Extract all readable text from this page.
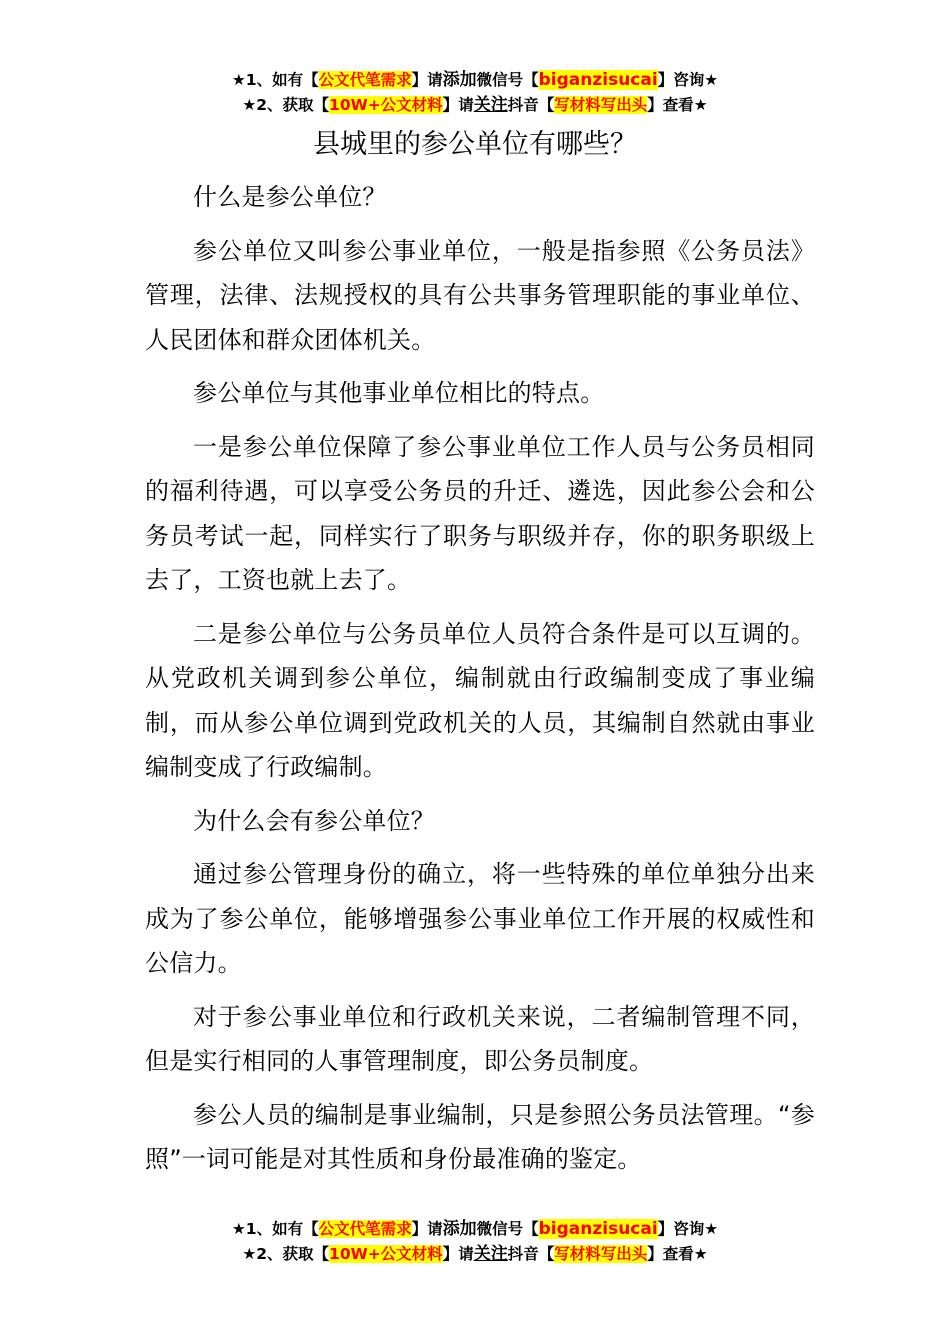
★1、如有【公文代笔需求】请添加微信号【biganzisucai】咨询★
★2、获取【10W+公文材料】请关注抖音【写材料写出头】查看★
县城里的参公单位有哪些？

什么是参公单位？

参公单位又叫参公事业单位，一般是指参照《公务员法》管理，法律、法规授权的具有公共事务管理职能的事业单位、人民团体和群众团体机关。

参公单位与其他事业单位相比的特点。

一是参公单位保障了参公事业单位工作人员与公务员相同的福利待遇，可以享受公务员的升迁、遴选，因此参公会和公务员考试一起，同样实行了职务与职级并存，你的职务职级上去了，工资也就上去了。

二是参公单位与公务员单位人员符合条件是可以互调的。从党政机关调到参公单位，编制就由行政编制变成了事业编制，而从参公单位调到党政机关的人员，其编制自然就由事业编制变成了行政编制。

为什么会有参公单位？

通过参公管理身份的确立，将一些特殊的单位单独分出来成为了参公单位，能够增强参公事业单位工作开展的权威性和公信力。

对于参公事业单位和行政机关来说，二者编制管理不同，但是实行相同的人事管理制度，即公务员制度。

参公人员的编制是事业编制，只是参照公务员法管理。“参照”一词可能是对其性质和身份最准确的鉴定。

★1、如有【公文代笔需求】请添加微信号【biganzisucai】咨询★
★2、获取【10W+公文材料】请关注抖音【写材料写出头】查看★
